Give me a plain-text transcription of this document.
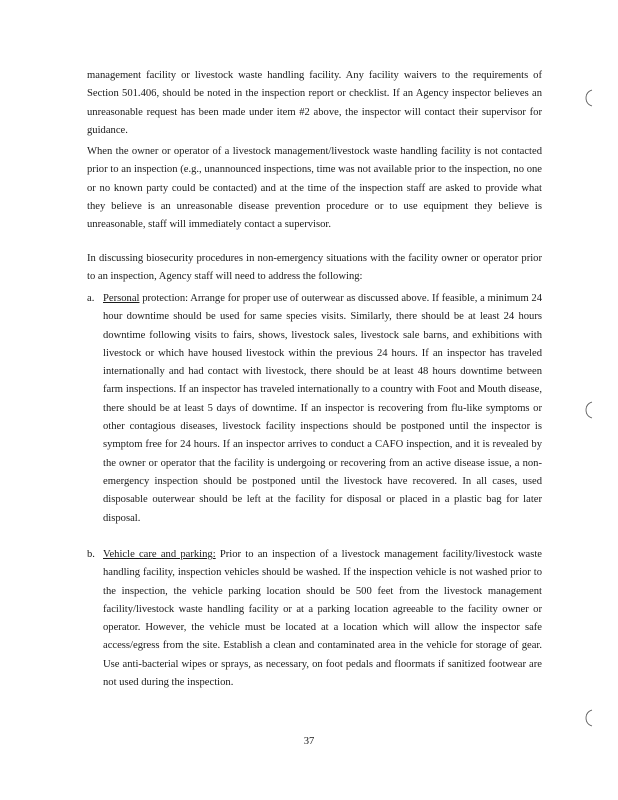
management facility or livestock waste handling facility. Any facility waivers to the requirements of Section 501.406, should be noted in the inspection report or checklist. If an Agency inspector believes an unreasonable request has been made under item #2 above, the inspector will contact their supervisor for guidance.

When the owner or operator of a livestock management/livestock waste handling facility is not contacted prior to an inspection (e.g., unannounced inspections, time was not available prior to the inspection, no one or no known party could be contacted) and at the time of the inspection staff are asked to provide what they believe is an unreasonable disease prevention procedure or to use equipment they believe is unreasonable, staff will immediately contact a supervisor.

In discussing biosecurity procedures in non-emergency situations with the facility owner or operator prior to an inspection, Agency staff will need to address the following:

a. Personal protection: Arrange for proper use of outerwear as discussed above. If feasible, a minimum 24 hour downtime should be used for same species visits. Similarly, there should be at least 24 hours downtime following visits to fairs, shows, livestock sales, livestock sale barns, and exhibitions with livestock or which have housed livestock within the previous 24 hours. If an inspector has traveled internationally and had contact with livestock, there should be at least 48 hours downtime between farm inspections. If an inspector has traveled internationally to a country with Foot and Mouth disease, there should be at least 5 days of downtime. If an inspector is recovering from flu-like symptoms or other contagious diseases, livestock facility inspections should be postponed until the inspector is symptom free for 24 hours. If an inspector arrives to conduct a CAFO inspection, and it is revealed by the owner or operator that the facility is undergoing or recovering from an active disease issue, a non-emergency inspection should be postponed until the livestock have recovered. In all cases, used disposable outerwear should be left at the facility for disposal or placed in a plastic bag for later disposal.

b. Vehicle care and parking: Prior to an inspection of a livestock management facility/livestock waste handling facility, inspection vehicles should be washed. If the inspection vehicle is not washed prior to the inspection, the vehicle parking location should be 500 feet from the livestock management facility/livestock waste handling facility or at a parking location agreeable to the facility owner or operator. However, the vehicle must be located at a location which will allow the inspector safe access/egress from the site. Establish a clean and contaminated area in the vehicle for storage of gear. Use anti-bacterial wipes or sprays, as necessary, on foot pedals and floormats if sanitized footwear are not used during the inspection.

37
